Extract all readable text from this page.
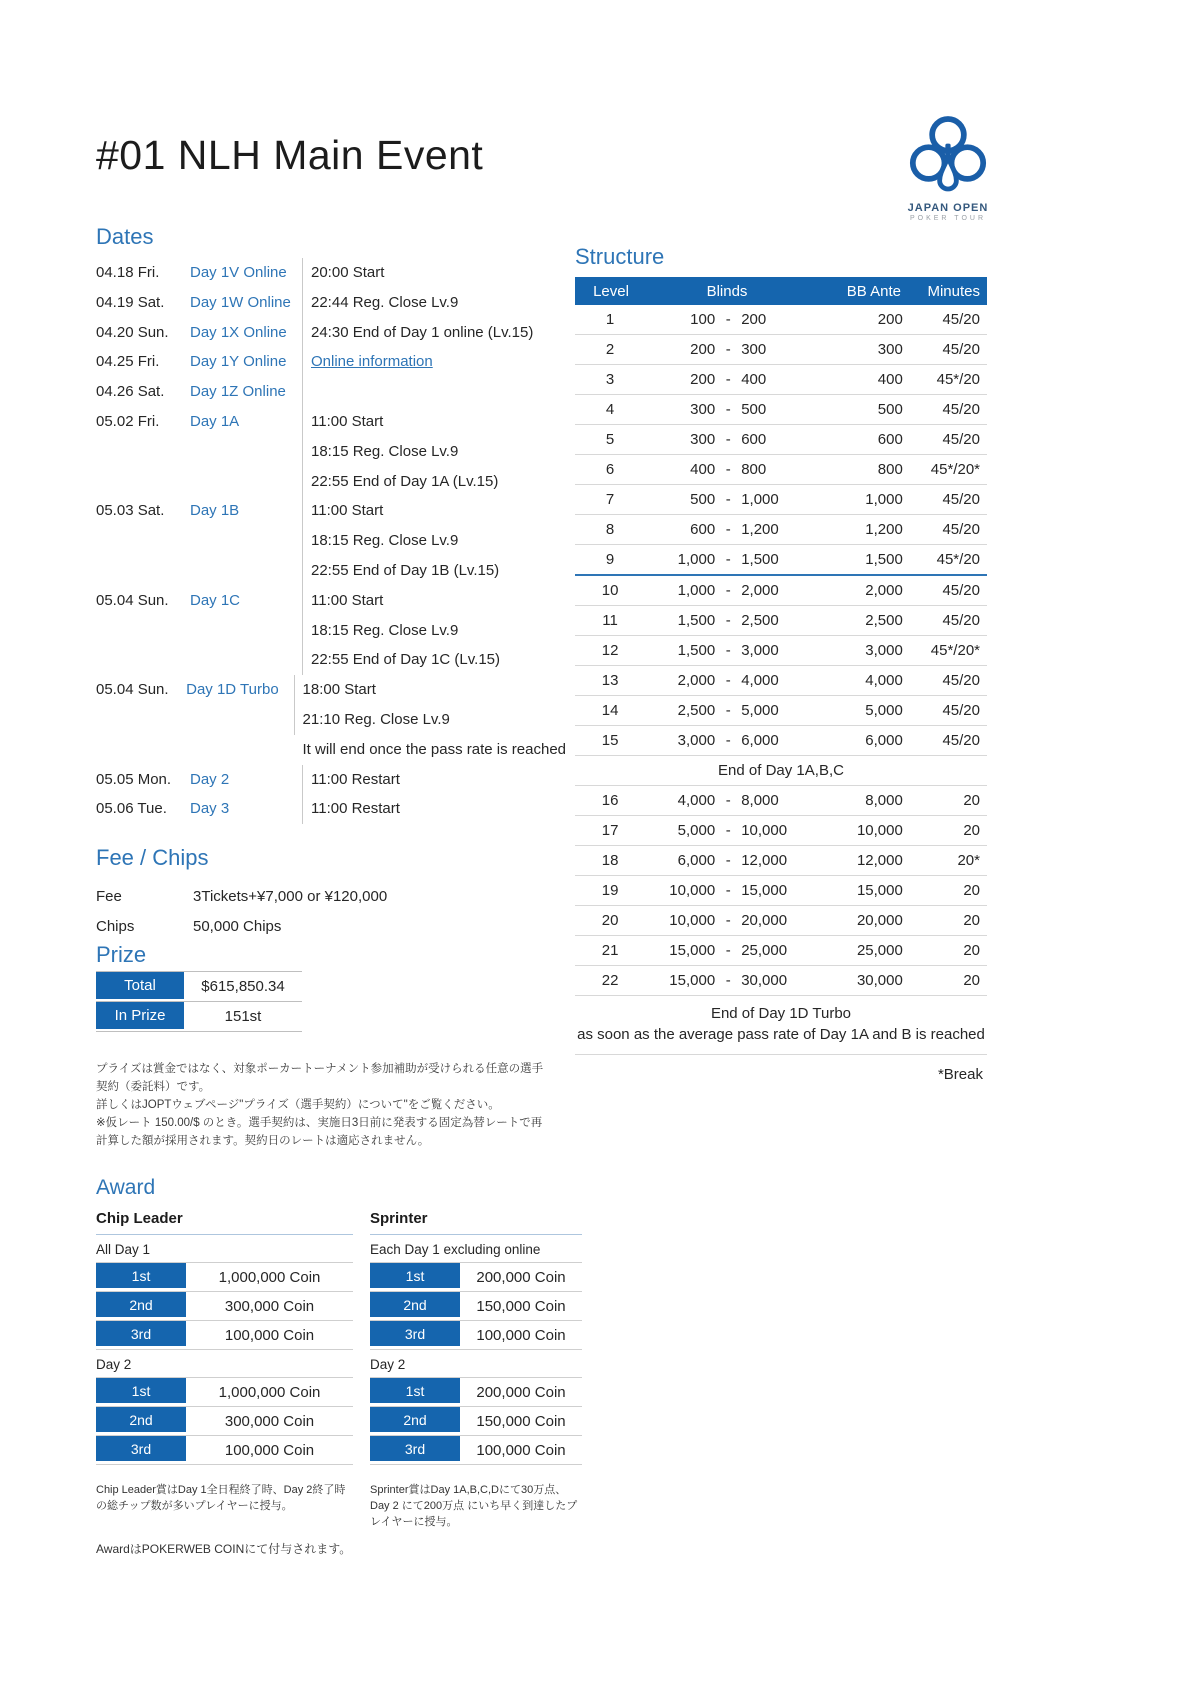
#01 NLH Main Event
JAPAN OPEN
POKER TOUR
Dates
04.18 Fri.	Day 1V Online	20:00 Start
04.19 Sat.	Day 1W Online	22:44 Reg. Close Lv.9
04.20 Sun.	Day 1X Online	24:30 End of Day 1 online (Lv.15)
04.25 Fri.	Day 1Y Online	Online information
04.26 Sat.	Day 1Z Online

05.02 Fri.	Day 1A	11:00 Start
18:15 Reg. Close Lv.9
22:55 End of Day 1A (Lv.15)
05.03 Sat.	Day 1B	11:00 Start
18:15 Reg. Close Lv.9
22:55 End of Day 1B (Lv.15)
05.04 Sun.	Day 1C	11:00 Start
18:15 Reg. Close Lv.9
22:55 End of Day 1C (Lv.15)
05.04 Sun.	Day 1D Turbo	18:00 Start
21:10 Reg. Close Lv.9
It will end once the pass rate is reached
05.05 Mon.	Day 2	11:00 Restart
05.06 Tue.	Day 3	11:00 Restart
Structure
Level	Blinds	BB Ante	Minutes
1	100 - 200	200	45/20
2	200 - 300	300	45/20
3	200 - 400	400	45*/20
4	300 - 500	500	45/20
5	300 - 600	600	45/20
6	400 - 800	800	45*/20*
7	500 - 1,000	1,000	45/20
8	600 - 1,200	1,200	45/20
9	1,000 - 1,500	1,500	45*/20
10	1,000 - 2,000	2,000	45/20
11	1,500 - 2,500	2,500	45/20
12	1,500 - 3,000	3,000	45*/20*
13	2,000 - 4,000	4,000	45/20
14	2,500 - 5,000	5,000	45/20
15	3,000 - 6,000	6,000	45/20
End of Day 1A,B,C
16	4,000 - 8,000	8,000	20
17	5,000 - 10,000	10,000	20
18	6,000 - 12,000	12,000	20*
19	10,000 - 15,000	15,000	20
20	10,000 - 20,000	20,000	20
21	15,000 - 25,000	25,000	20
22	15,000 - 30,000	30,000	20
End of Day 1D Turbo
as soon as the average pass rate of Day 1A and B is reached
*Break
Fee / Chips
Fee	3Tickets+¥7,000 or ¥120,000
Chips	50,000 Chips
Prize
Total	$615,850.34
In Prize	151st

プライズは賞金ではなく、対象ポーカートーナメント参加補助が受けられる任意の選手契約（委託料）です。

詳しくはJOPTウェブページ"プライズ（選手契約）について"をご覧ください。

※仮レート 150.00/$ のとき。選手契約は、実施日3日前に発表する固定為替レートで再計算した額が採用されます。契約日のレートは適応されません。

Award
Chip Leader
All Day 1
1st	1,000,000 Coin
2nd	300,000 Coin
3rd	100,000 Coin
Day 2
1st	1,000,000 Coin
2nd	300,000 Coin
3rd	100,000 Coin
Chip Leader賞はDay 1全日程終了時、Day 2終了時の総チップ数が多いプレイヤーに授与。
Sprinter
Each Day 1 excluding online
1st	200,000 Coin
2nd	150,000 Coin
3rd	100,000 Coin
Day 2
1st	200,000 Coin
2nd	150,000 Coin
3rd	100,000 Coin
Sprinter賞はDay 1A,B,C,Dにて30万点、Day 2 にて200万点 にいち早く到達したプレイヤーに授与。
AwardはPOKERWEB COINにて付与されます。
